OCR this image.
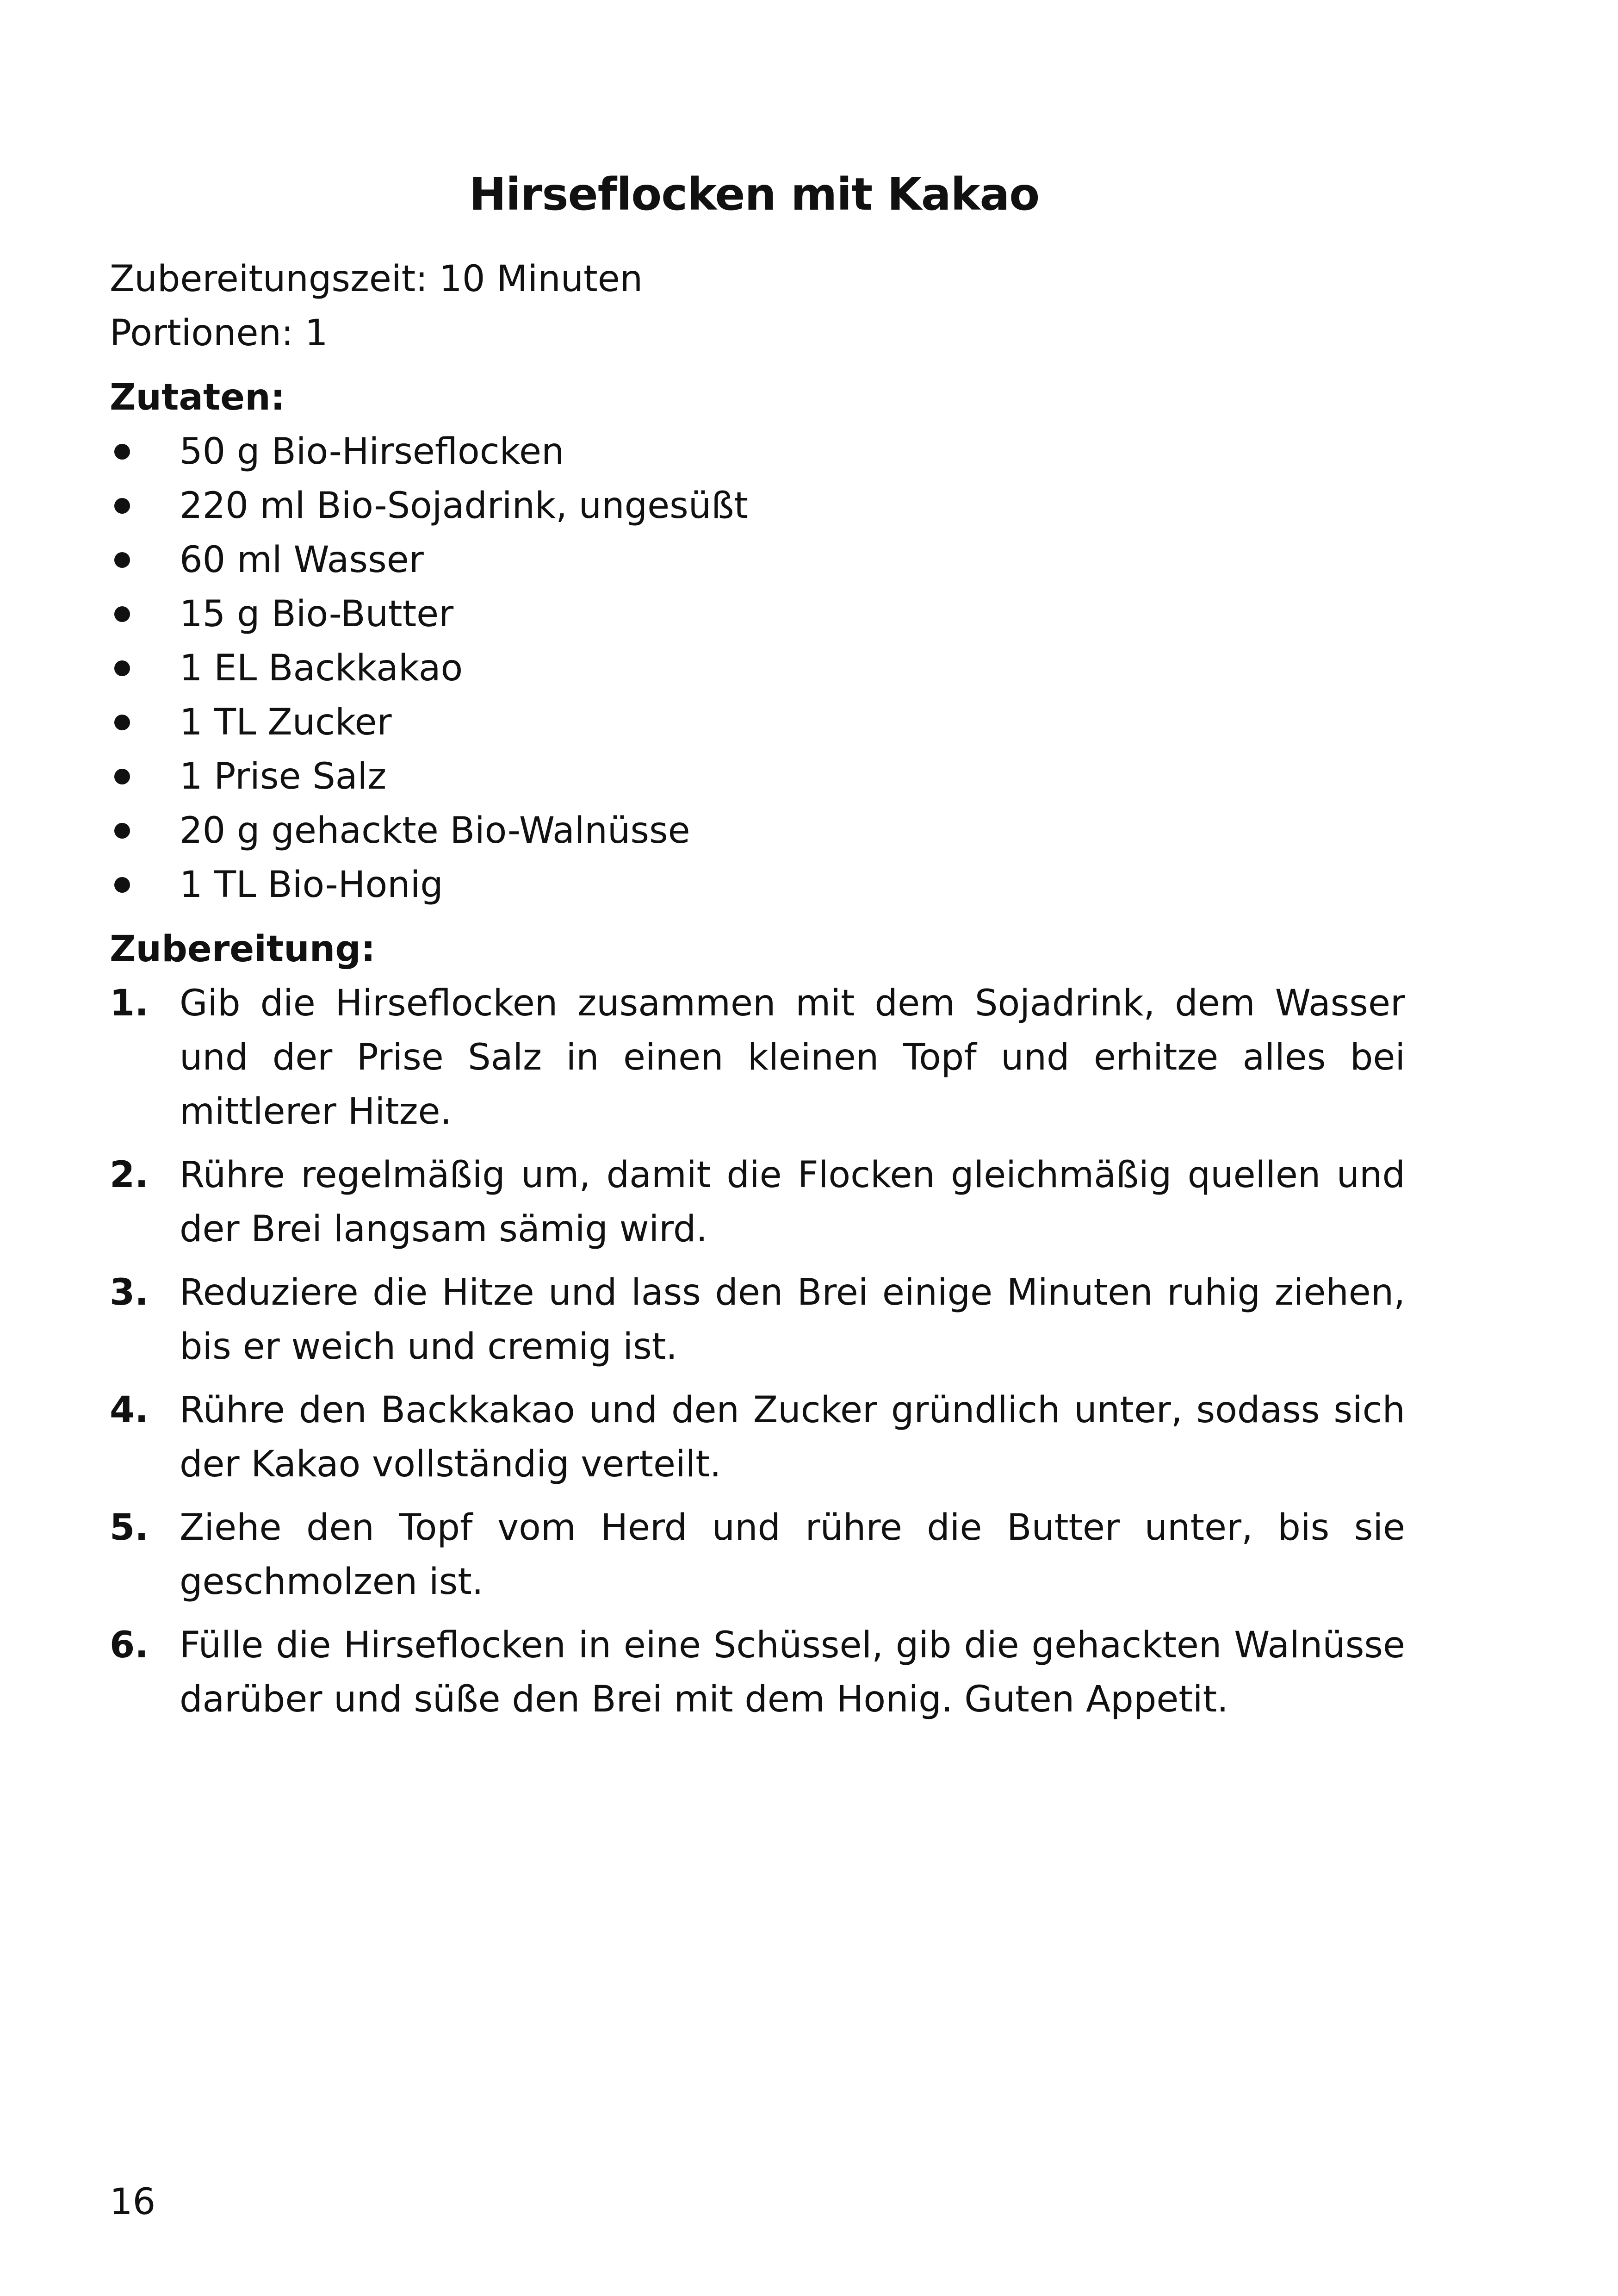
Hirseflocken mit Kakao

Zubereitungszeit: 10 Minuten

Portionen: 1

Zutaten:

50 g Bio-Hirseflocken
220 ml Bio-Sojadrink, ungesüßt
60 ml Wasser
15 g Bio-Butter
1 EL Backkakao
1 TL Zucker
1 Prise Salz
20 g gehackte Bio-Walnüsse
1 TL Bio-Honig

Zubereitung:

1. Gib die Hirseflocken zusammen mit dem Sojadrink, dem Wasser und der Prise Salz in einen kleinen Topf und erhitze alles bei mittlerer Hitze.
2. Rühre regelmäßig um, damit die Flocken gleichmäßig quellen und der Brei langsam sämig wird.
3. Reduziere die Hitze und lass den Brei einige Minuten ruhig ziehen, bis er weich und cremig ist.
4. Rühre den Backkakao und den Zucker gründlich unter, sodass sich der Kakao vollständig verteilt.
5. Ziehe den Topf vom Herd und rühre die Butter unter, bis sie geschmolzen ist.
6. Fülle die Hirseflocken in eine Schüssel, gib die gehackten Walnüsse darüber und süße den Brei mit dem Honig. Guten Appetit.
16
